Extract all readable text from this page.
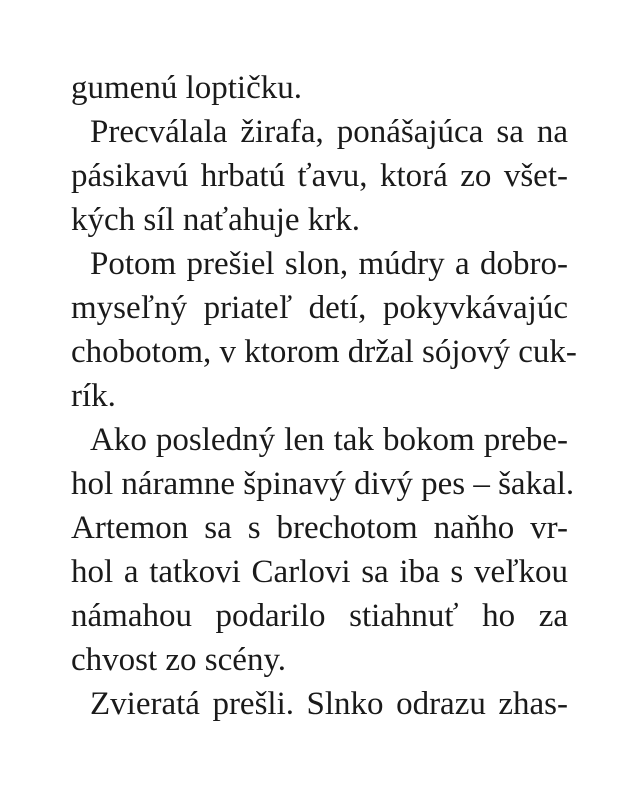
gumenú loptičku.
Precválala žirafa, ponášajúca sa na
pásikavú hrbatú ťavu, ktorá zo všet-
kých síl naťahuje krk.
Potom prešiel slon, múdry a dobro-
myseľný priateľ detí, pokyvkávajúc
chobotom, v ktorom držal sójový cuk-
rík.
Ako posledný len tak bokom prebe-
hol náramne špinavý divý pes – šakal.
Artemon sa s brechotom naňho vr-
hol a tatkovi Carlovi sa iba s veľkou
námahou podarilo stiahnuť ho za
chvost zo scény.
Zvieratá prešli. Slnko odrazu zhas-
